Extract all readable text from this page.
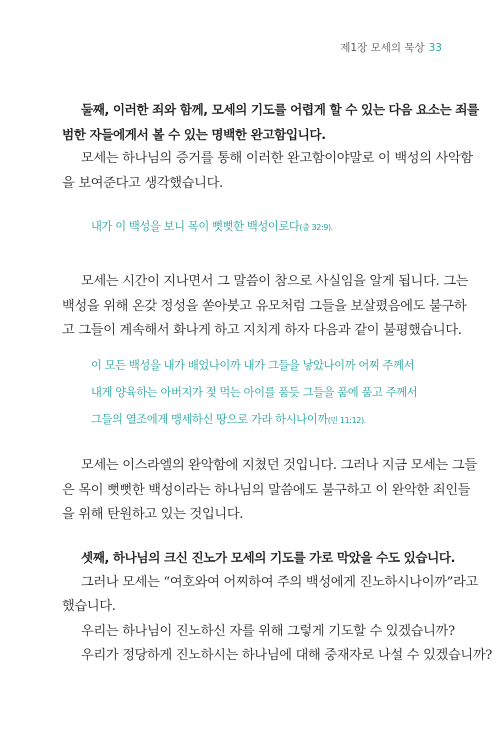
제1장 모세의 묵상 33
둘째, 이러한 죄와 함께, 모세의 기도를 어렵게 할 수 있는 다음 요소는 죄를
범한 자들에게서 볼 수 있는 명백한 완고함입니다.
모세는 하나님의 증거를 통해 이러한 완고함이야말로 이 백성의 사악함
을 보여준다고 생각했습니다.
내가 이 백성을 보니 목이 뻣뻣한 백성이로다(출 32:9).
모세는 시간이 지나면서 그 말씀이 참으로 사실임을 알게 됩니다. 그는
백성을 위해 온갖 정성을 쏟아붓고 유모처럼 그들을 보살폈음에도 불구하
고 그들이 계속해서 화나게 하고 지치게 하자 다음과 같이 불평했습니다.
이 모든 백성을 내가 배었나이까 내가 그들을 낳았나이까 어찌 주께서
내게 양육하는 아버지가 젖 먹는 아이를 품듯 그들을 품에 품고 주께서
그들의 열조에게 맹세하신 땅으로 가라 하시나이까(민 11:12).
모세는 이스라엘의 완악함에 지쳤던 것입니다. 그러나 지금 모세는 그들
은 목이 뻣뻣한 백성이라는 하나님의 말씀에도 불구하고 이 완악한 죄인들
을 위해 탄원하고 있는 것입니다.
셋째, 하나님의 크신 진노가 모세의 기도를 가로 막았을 수도 있습니다.
그러나 모세는 “여호와여 어찌하여 주의 백성에게 진노하시나이까”라고
했습니다.
우리는 하나님이 진노하신 자를 위해 그렇게 기도할 수 있겠습니까?
우리가 정당하게 진노하시는 하나님에 대해 중재자로 나설 수 있겠습니까?
